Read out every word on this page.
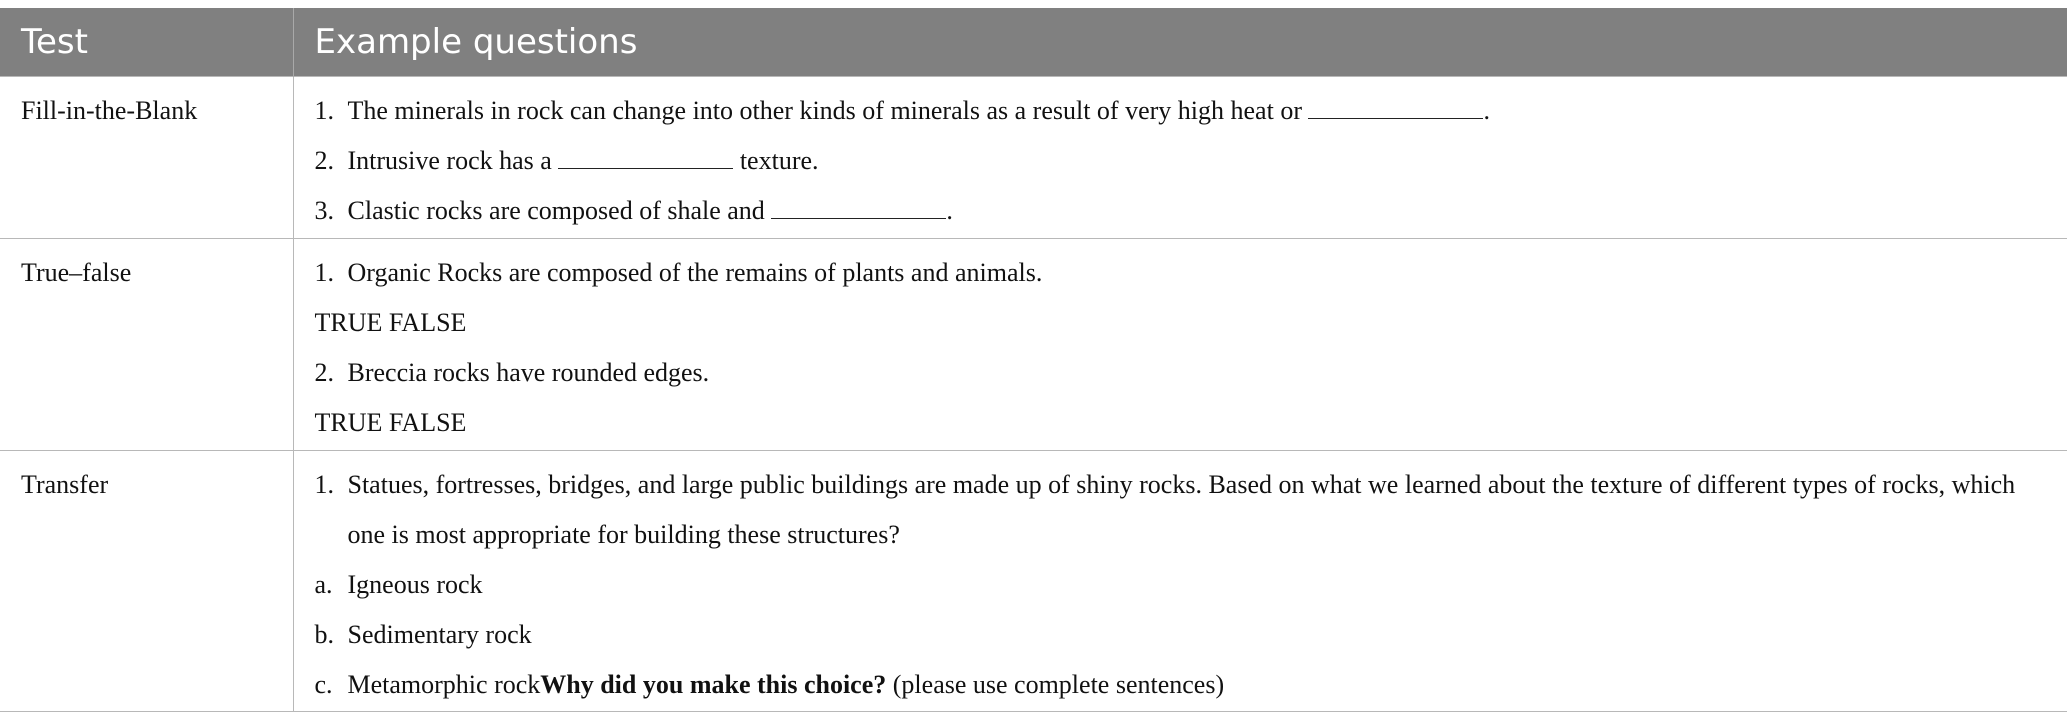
Test	Example questions

Fill-in-the-Blank	1. The minerals in rock can change into other kinds of minerals as a result of very high heat or .
2. Intrusive rock has a texture.
3. Clastic rocks are composed of shale and .

True–false	1. Organic Rocks are composed of the remains of plants and animals.
TRUE FALSE
2. Breccia rocks have rounded edges.
TRUE FALSE

Transfer	1. Statues, fortresses, bridges, and large public buildings are made up of shiny rocks. Based on what we learned about the texture of different types of rocks, which one is most appropriate for building these structures?
a. Igneous rock
b. Sedimentary rock
c. Metamorphic rockWhy did you make this choice? (please use complete sentences)
